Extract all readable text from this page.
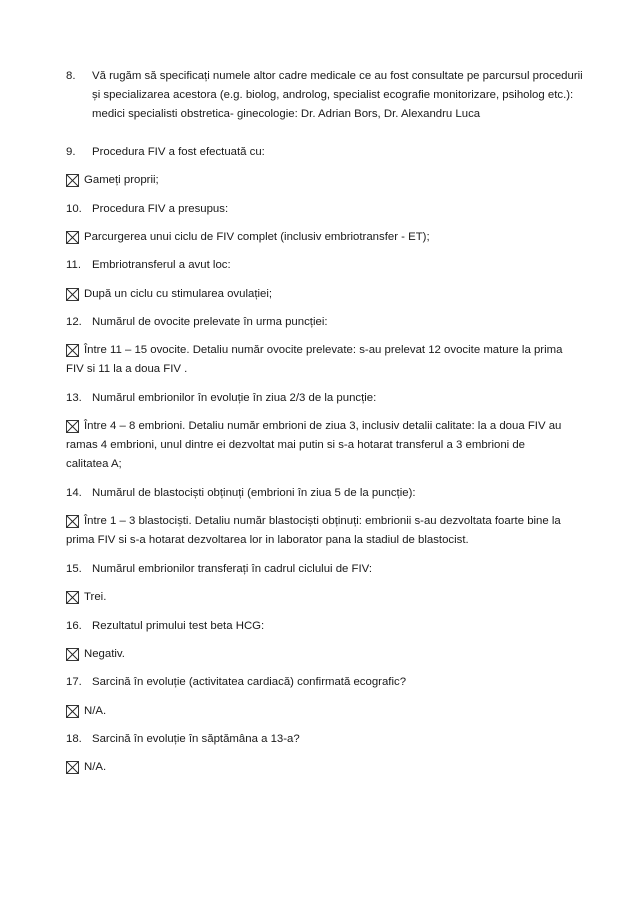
8.	Vă rugăm să specificați numele altor cadre medicale ce au fost consultate pe parcursul procedurii
și specializarea acestora (e.g. biolog, androlog, specialist ecografie monitorizare, psiholog etc.):
medici specialisti obstretica- ginecologie: Dr. Adrian Bors, Dr. Alexandru Luca
9.	Procedura FIV a fost efectuată cu:
Gameți proprii;
10. Procedura FIV a presupus:
Parcurgerea unui ciclu de FIV complet (inclusiv embriotransfer - ET);
11. Embriotransferul a avut loc:
După un ciclu cu stimularea ovulației;
12. Numărul de ovocite prelevate în urma puncției:
Între 11 – 15 ovocite. Detaliu număr ovocite prelevate: s-au prelevat 12 ovocite mature la prima
FIV si 11 la a doua FIV .
13. Numărul embrionilor în evoluție în ziua 2/3 de la puncție:
Între 4 – 8 embrioni. Detaliu număr embrioni de ziua 3, inclusiv detalii calitate: la a doua FIV au
ramas 4 embrioni, unul dintre ei dezvoltat mai putin si s-a hotarat transferul a 3 embrioni de
calitatea A;
14. Numărul de blastociști obținuți (embrioni în ziua 5 de la puncție):
Între 1 – 3 blastociști. Detaliu număr blastociști obținuți: embrionii s-au dezvoltata foarte bine la
prima FIV si s-a hotarat dezvoltarea lor in laborator pana la stadiul de blastocist.
15. Numărul embrionilor transferați în cadrul ciclului de FIV:
Trei.
16. Rezultatul primului test beta HCG:
Negativ.
17. Sarcină în evoluție (activitatea cardiacă) confirmată ecografic?
N/A.
18. Sarcină în evoluție în săptămâna a 13-a?
N/A.
